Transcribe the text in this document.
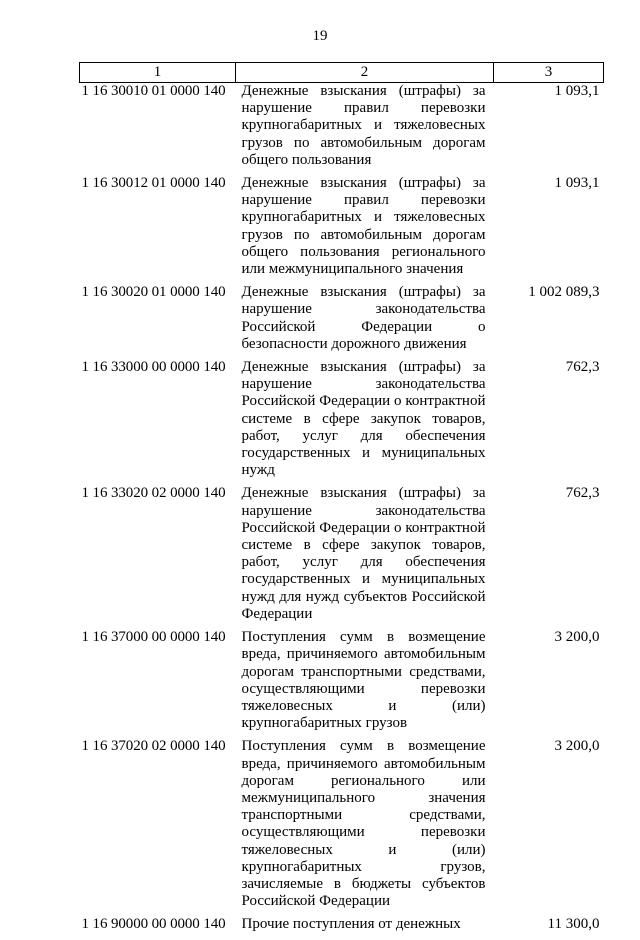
19
1	2	3
1 16 30010 01 0000 140	Денежные взыскания (штрафы) за нарушение правил перевозки крупногабаритных и тяжеловесных грузов по автомобильным дорогам общего пользования	1 093,1
1 16 30012 01 0000 140	Денежные взыскания (штрафы) за нарушение правил перевозки крупногабаритных и тяжеловесных грузов по автомобильным дорогам общего пользования регионального или межмуниципального значения	1 093,1
1 16 30020 01 0000 140	Денежные взыскания (штрафы) за нарушение законодательства Российской Федерации о безопасности дорожного движения	1 002 089,3
1 16 33000 00 0000 140	Денежные взыскания (штрафы) за нарушение законодательства Российской Федерации о контрактной системе в сфере закупок товаров, работ, услуг для обеспечения государственных и муниципальных нужд	762,3
1 16 33020 02 0000 140	Денежные взыскания (штрафы) за нарушение законодательства Российской Федерации о контрактной системе в сфере закупок товаров, работ, услуг для обеспечения государственных и муниципальных нужд для нужд субъектов Российской Федерации	762,3
1 16 37000 00 0000 140	Поступления сумм в возмещение вреда, причиняемого автомобильным дорогам транспортными средствами, осуществляющими перевозки тяжеловесных и (или) крупногабаритных грузов	3 200,0
1 16 37020 02 0000 140	Поступления сумм в возмещение вреда, причиняемого автомобильным дорогам регионального или межмуниципального значения транспортными средствами, осуществляющими перевозки тяжеловесных и (или) крупногабаритных грузов, зачисляемые в бюджеты субъектов Российской Федерации	3 200,0
1 16 90000 00 0000 140	Прочие поступления от денежных	11 300,0
